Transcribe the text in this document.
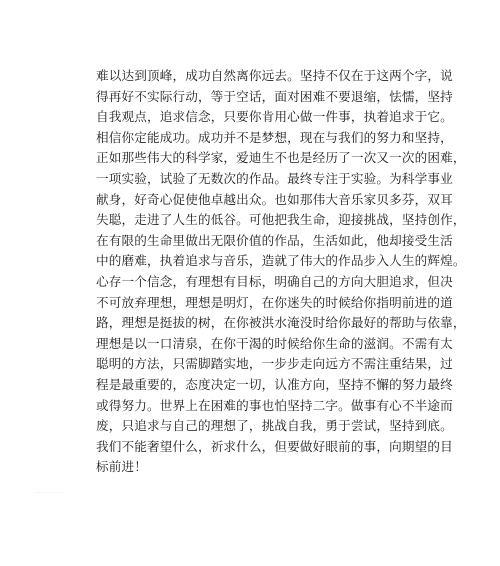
难以达到顶峰，成功自然离你远去。坚持不仅在于这两个字，说
得再好不实际行动，等于空话，面对困难不要退缩，怯懦，坚持
自我观点，追求信念，只要你肯用心做一件事，执着追求于它。
相信你定能成功。成功并不是梦想，现在与我们的努力和坚持，
正如那些伟大的科学家，爱迪生不也是经历了一次又一次的困难，
一项实验，试验了无数次的作品。最终专注于实验。为科学事业
献身，好奇心促使他卓越出众。也如那伟大音乐家贝多芬，双耳
失聪，走进了人生的低谷。可他把我生命，迎接挑战，坚持创作，
在有限的生命里做出无限价值的作品，生活如此，他却接受生活
中的磨难，执着追求与音乐，造就了伟大的作品步入人生的辉煌。
心存一个信念，有理想有目标，明确自己的方向大胆追求，但决
不可放弃理想，理想是明灯，在你迷失的时候给你指明前进的道
路，理想是挺拔的树，在你被洪水淹没时给你最好的帮助与依靠，
理想是以一口清泉，在你干渴的时候给你生命的滋润。不需有太
聪明的方法，只需脚踏实地，一步步走向远方不需注重结果，过
程是最重要的，态度决定一切，认准方向，坚持不懈的努力最终
或得努力。世界上在困难的事也怕坚持二字。做事有心不半途而
废，只追求与自己的理想了，挑战自我，勇于尝试，坚持到底。
我们不能奢望什么，祈求什么，但要做好眼前的事，向期望的目
标前进！
